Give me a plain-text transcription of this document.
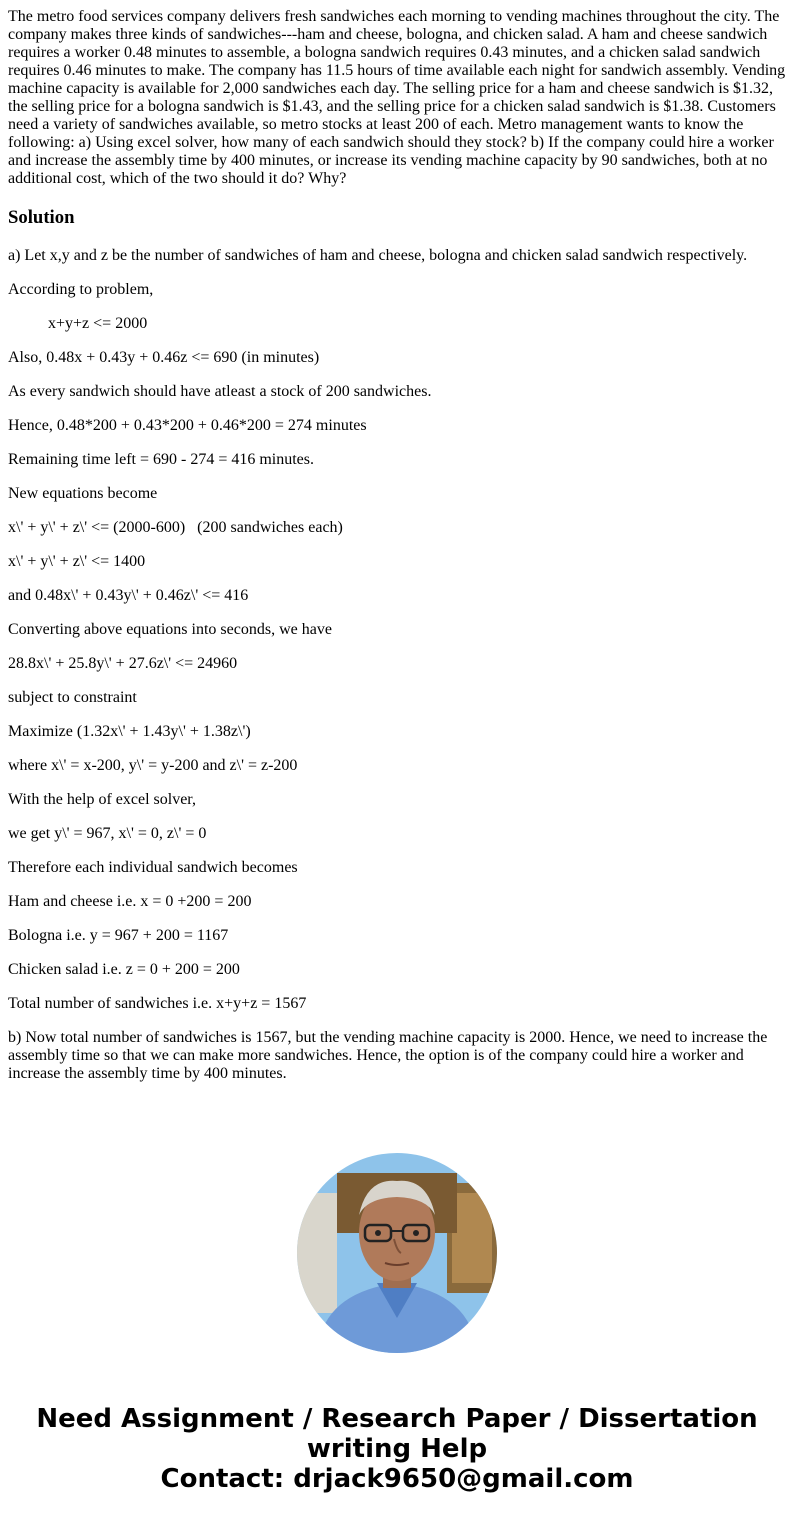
The metro food services company delivers fresh sandwiches each morning to vending machines throughout the city. The company makes three kinds of sandwiches---ham and cheese, bologna, and chicken salad. A ham and cheese sandwich requires a worker 0.48 minutes to assemble, a bologna sandwich requires 0.43 minutes, and a chicken salad sandwich requires 0.46 minutes to make. The company has 11.5 hours of time available each night for sandwich assembly. Vending machine capacity is available for 2,000 sandwiches each day. The selling price for a ham and cheese sandwich is $1.32, the selling price for a bologna sandwich is $1.43, and the selling price for a chicken salad sandwich is $1.38. Customers need a variety of sandwiches available, so metro stocks at least 200 of each. Metro management wants to know the following: a) Using excel solver, how many of each sandwich should they stock? b) If the company could hire a worker and increase the assembly time by 400 minutes, or increase its vending machine capacity by 90 sandwiches, both at no additional cost, which of the two should it do? Why?

Solution

a) Let x,y and z be the number of sandwiches of ham and cheese, bologna and chicken salad sandwich respectively.

According to problem,

x+y+z <= 2000

Also, 0.48x + 0.43y + 0.46z <= 690 (in minutes)

As every sandwich should have atleast a stock of 200 sandwiches.

Hence, 0.48*200 + 0.43*200 + 0.46*200 = 274 minutes

Remaining time left = 690 - 274 = 416 minutes.

New equations become

x\' + y\' + z\' <= (2000-600)   (200 sandwiches each)

x\' + y\' + z\' <= 1400

and 0.48x\' + 0.43y\' + 0.46z\' <= 416

Converting above equations into seconds, we have

28.8x\' + 25.8y\' + 27.6z\' <= 24960

subject to constraint

Maximize (1.32x\' + 1.43y\' + 1.38z\')

where x\' = x-200, y\' = y-200 and z\' = z-200

With the help of excel solver,

we get y\' = 967, x\' = 0, z\' = 0

Therefore each individual sandwich becomes

Ham and cheese i.e. x = 0 +200 = 200

Bologna i.e. y = 967 + 200 = 1167

Chicken salad i.e. z = 0 + 200 = 200

Total number of sandwiches i.e. x+y+z = 1567

b) Now total number of sandwiches is 1567, but the vending machine capacity is 2000. Hence, we need to increase the assembly time so that we can make more sandwiches. Hence, the option is of the company could hire a worker and increase the assembly time by 400 minutes.

Need Assignment / Research Paper / Dissertation
writing Help
Contact: drjack9650@gmail.com
